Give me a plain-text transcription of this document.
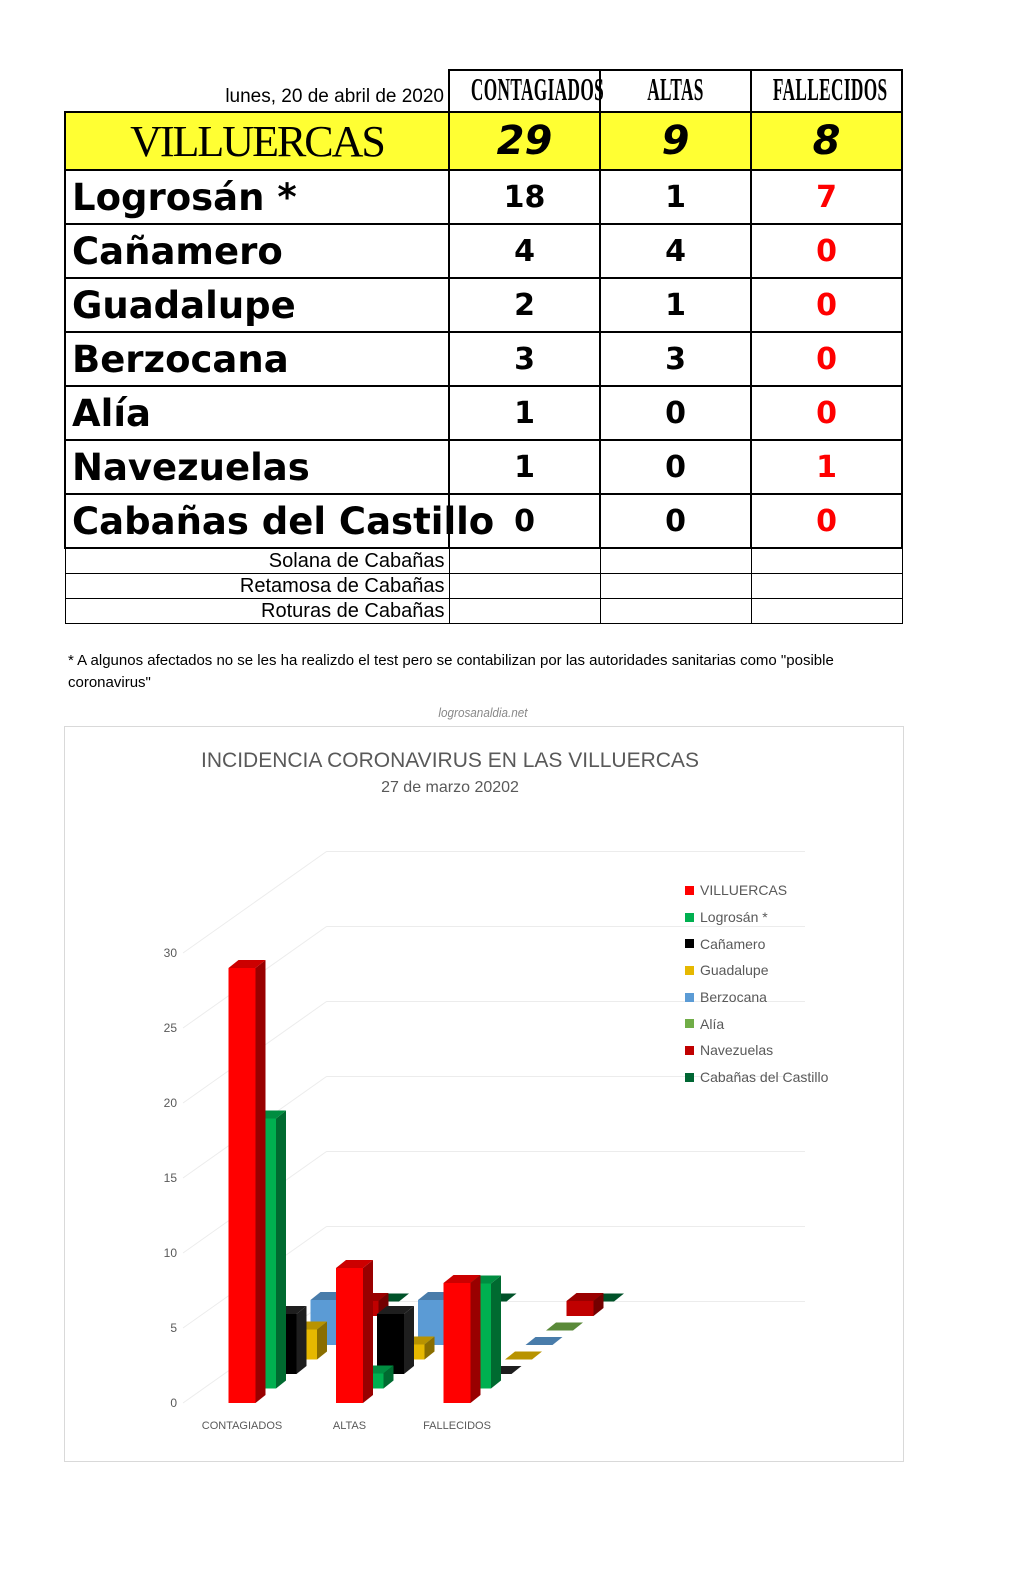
lunes, 20 de abril de 2020	CONTAGIADOS	ALTAS	FALLECIDOS
VILLUERCAS	29	9	8
Logrosán *	18	1	7
Cañamero	4	4	0
Guadalupe	2	1	0
Berzocana	3	3	0
Alía	1	0	0
Navezuelas	1	0	1
Cabañas del Castillo	0	0	0
Solana de Cabañas			
Retamosa de Cabañas			
Roturas de Cabañas			
* A algunos afectados no se les ha realizdo el test pero se contabilizan por las autoridades sanitarias como "posible coronavirus"
logrosanaldia.net
0
5
10
15
20
25
30
CONTAGIADOS	ALTAS	FALLECIDOS
INCIDENCIA CORONAVIRUS EN LAS VILLUERCAS
27 de marzo 20202
VILLUERCAS
Logrosán *
Cañamero
Guadalupe
Berzocana
Alía
Navezuelas
Cabañas del Castillo
